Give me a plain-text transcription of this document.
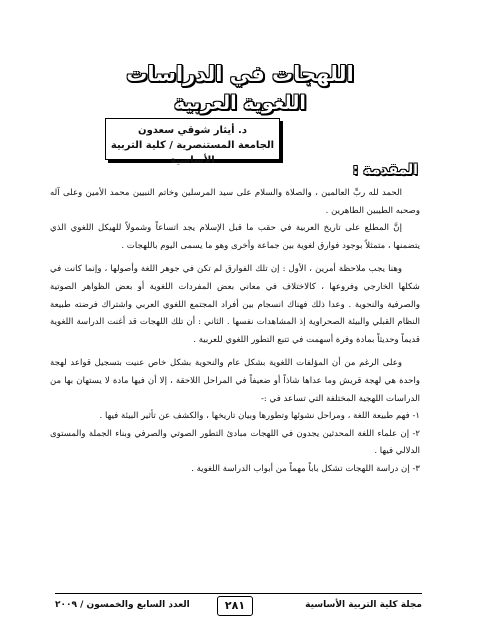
اللهجات في الدراسات
اللغوية العربية
د. أيثار شوقي سعدون
الجامعة المستنصرية / كلية التربية الأساسية
المقدمة :

الحمد لله ربِّ العالمين ، والصلاة والسلام على سيد المرسلين وخاتم النبيين محمد الأمين وعلى آله وصحبه الطيبين الطاهرين .

إنَّ المطلع على تاريخ العربية في حقب ما قبل الإسلام يجد اتساعاً وشمولاً للهيكل اللغوي الذي يتضمنها ، متمثلاً بوجود فوارق لغوية بين جماعة وأخرى وهو ما يسمى اليوم باللهجات .

وهنا يجب ملاحظة أمرين ، الأول : إن تلك الفوارق لم تكن في جوهر اللغة وأصولها ، وإنما كانت في شكلها الخارجي وفروعها ، كالاختلاف في معاني بعض المفردات اللغوية أو بعض الظواهر الصوتية والصرفية والنحوية . وعدا ذلك فهناك انسجام بين أفراد المجتمع اللغوي العربي واشتراك فرضته طبيعة النظام القبلي والبيئة الصحراوية إذ المشاهدات نفسها . الثاني : أن تلك اللهجات قد أغنت الدراسة اللغوية قديماً وحديثاً بمادة وفرة أسهمت في تتبع التطور اللغوي للعربية .

وعلى الرغم من أن المؤلفات اللغوية بشكل عام والنحوية بشكل خاص عنيت بتسجيل قواعد لهجة واحدة هي لهجة قريش وما عداها شاذاً أو ضعيفاً في المراحل اللاحقة ، إلا أن فيها مادة لا يستهان بها من الدراسات اللهجية المختلفة التي تساعد في :-

١- فهم طبيعة اللغة ، ومراحل نشوئها وتطورها وبيان تاريخها ، والكشف عن تأثير البيئة فيها .

٢- إن علماء اللغة المحدثين يجدون في اللهجات مبادئ التطور الصوتي والصرفي وبناء الجملة والمستوى الدلالي فيها .

٣- إن دراسة اللهجات تشكل باباً مهماً من أبواب الدراسة اللغوية .

مجلة كلية التربية الأساسية
٢٨١
العدد السابع والخمسون / ٢٠٠٩
